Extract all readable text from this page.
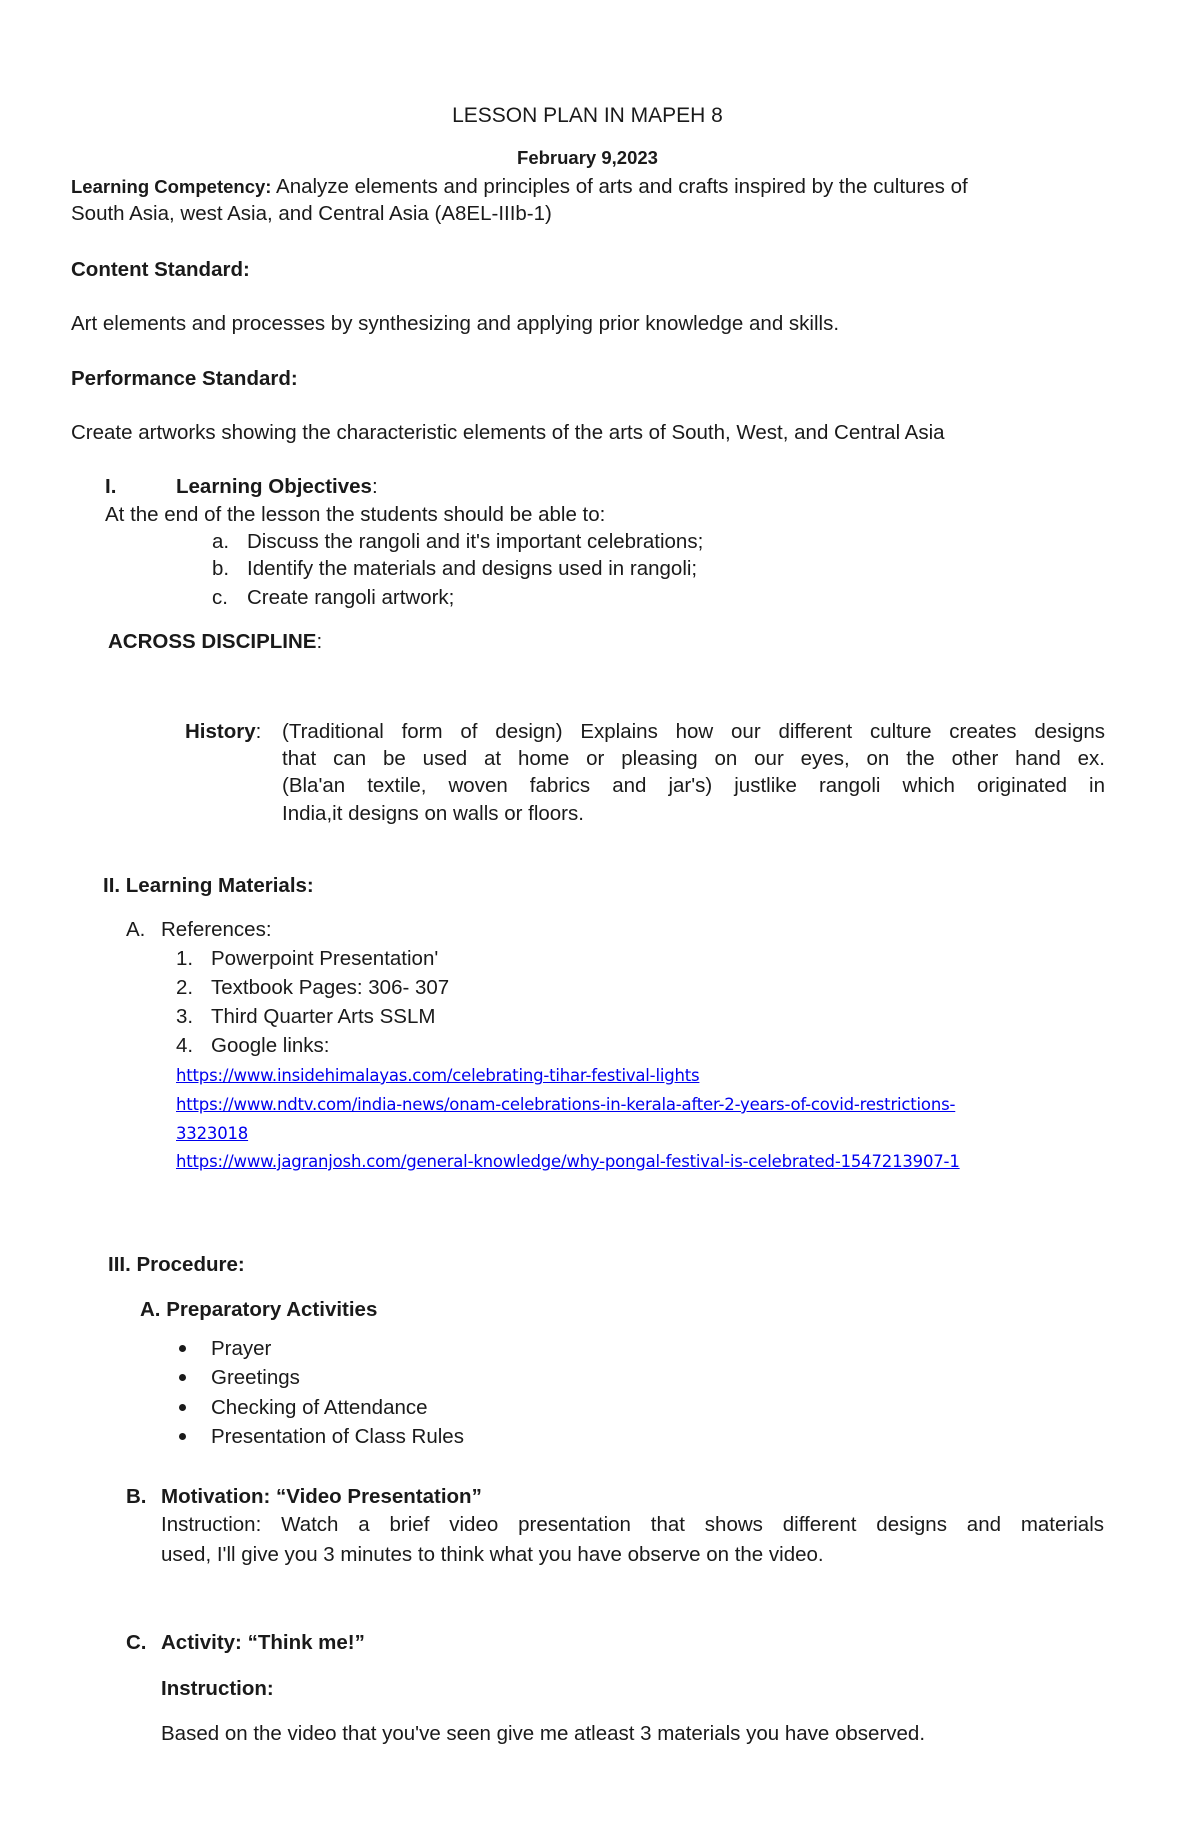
LESSON PLAN IN MAPEH 8
February 9,2023
Learning Competency: Analyze elements and principles of arts and crafts inspired by the cultures of
South Asia, west Asia, and Central Asia (A8EL-IIIb-1)
Content Standard:
Art elements and processes by synthesizing and applying prior knowledge and skills.
Performance Standard:
Create artworks showing the characteristic elements of the arts of South, West, and Central Asia
I.	Learning Objectives:
At the end of the lesson the students should be able to:
a. Discuss the rangoli and it's important celebrations;
b. Identify the materials and designs used in rangoli;
c. Create rangoli artwork;
ACROSS DISCIPLINE:
History: (Traditional form of design) Explains how our different culture creates designs
that can be used at home or pleasing on our eyes, on the other hand ex.
(Bla'an textile, woven fabrics and jar's) justlike rangoli which originated in
India,it designs on walls or floors.
II. Learning Materials:
A. References:
1. Powerpoint Presentation'
2. Textbook Pages: 306- 307
3. Third Quarter Arts SSLM
4. Google links:
https://www.insidehimalayas.com/celebrating-tihar-festival-lights
https://www.ndtv.com/india-news/onam-celebrations-in-kerala-after-2-years-of-covid-restrictions-
3323018
https://www.jagranjosh.com/general-knowledge/why-pongal-festival-is-celebrated-1547213907-1
III. Procedure:
A. Preparatory Activities
Prayer
Greetings
Checking of Attendance
Presentation of Class Rules
B. Motivation: “Video Presentation”
Instruction: Watch a brief video presentation that shows different designs and materials
used, I'll give you 3 minutes to think what you have observe on the video.
C. Activity: “Think me!”
Instruction:
Based on the video that you've seen give me atleast 3 materials you have observed.
